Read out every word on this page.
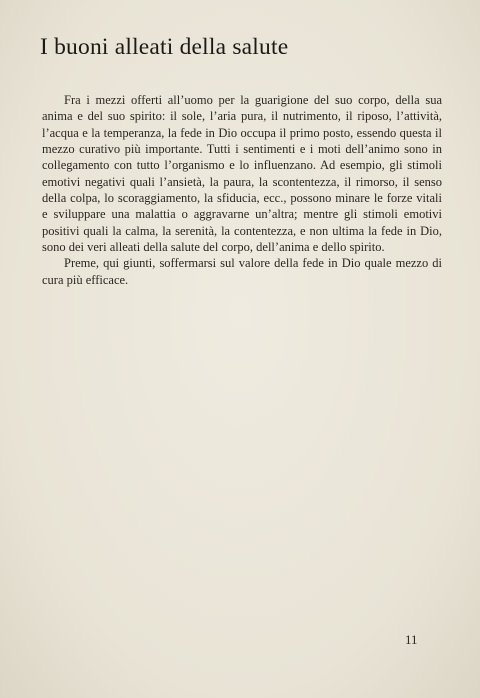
I buoni alleati della salute

Fra i mezzi offerti all’uomo per la guarigione del suo corpo, della sua anima e del suo spirito: il sole, l’aria pura, il nutrimento, il riposo, l’attività, l’acqua e la temperanza, la fede in Dio occupa il primo posto, essendo questa il mezzo curativo più importante. Tutti i sentimenti e i moti dell’animo sono in collegamento con tutto l’organismo e lo influenzano. Ad esempio, gli stimoli emotivi negativi quali l’ansietà, la paura, la scontentezza, il rimorso, il senso della colpa, lo scoraggiamento, la sfiducia, ecc., possono minare le forze vitali e sviluppare una malattia o aggravarne un’altra; mentre gli stimoli emotivi positivi quali la calma, la serenità, la contentezza, e non ultima la fede in Dio, sono dei veri alleati della salute del corpo, dell’anima e dello spirito.

Preme, qui giunti, soffermarsi sul valore della fede in Dio quale mezzo di cura più efficace.

11
